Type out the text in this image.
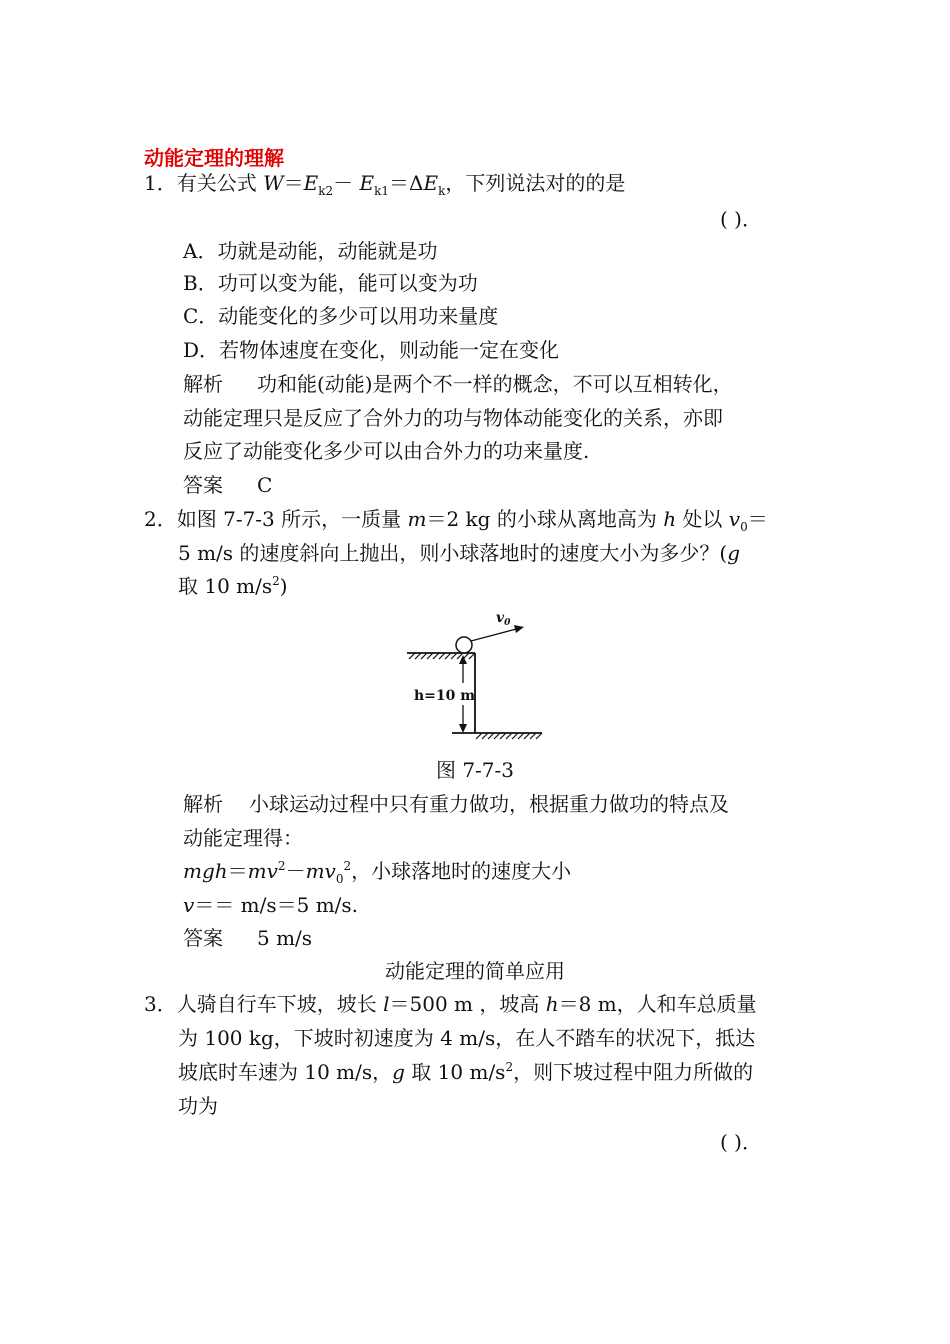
动能定理的理解
1．有关公式 $W=E_{k2}- E_{k1}=\Delta E_k$，下列说法对的的是
( )．
A．功就是动能，动能就是功
B．功可以变为能，能可以变为功
C．动能变化的多少可以用功来量度
D．若物体速度在变化，则动能一定在变化
解析 功和能(动能)是两个不一样的概念，不可以互相转化，
动能定理只是反应了合外力的功与物体动能变化的关系，亦即
反应了动能变化多少可以由合外力的功来量度.
答案 C
2．如图 7-7-3 所示，一质量 m＝2 kg 的小球从离地高为 h 处以 $v_0=$
5 m/s 的速度斜向上抛出，则小球落地时的速度大小为多少？(g
取 10 $m/s^2$)
$v_0$
h=10 m
图 7-7-3
解析 小球运动过程中只有重力做功，根据重力做功的特点及
动能定理得：
$mgh=mv^2-mv_0^2$，小球落地时的速度大小
v＝＝ m/s＝5 m/s.
答案 5 m/s
动能定理的简单应用
3．人骑自行车下坡，坡长 l＝500 m ，坡高 h＝8 m，人和车总质量
为 100 kg，下坡时初速度为 4 m/s，在人不踏车的状况下，抵达
坡底时车速为 10 m/s，g 取 10 $m/s^2$，则下坡过程中阻力所做的
功为
( )．
